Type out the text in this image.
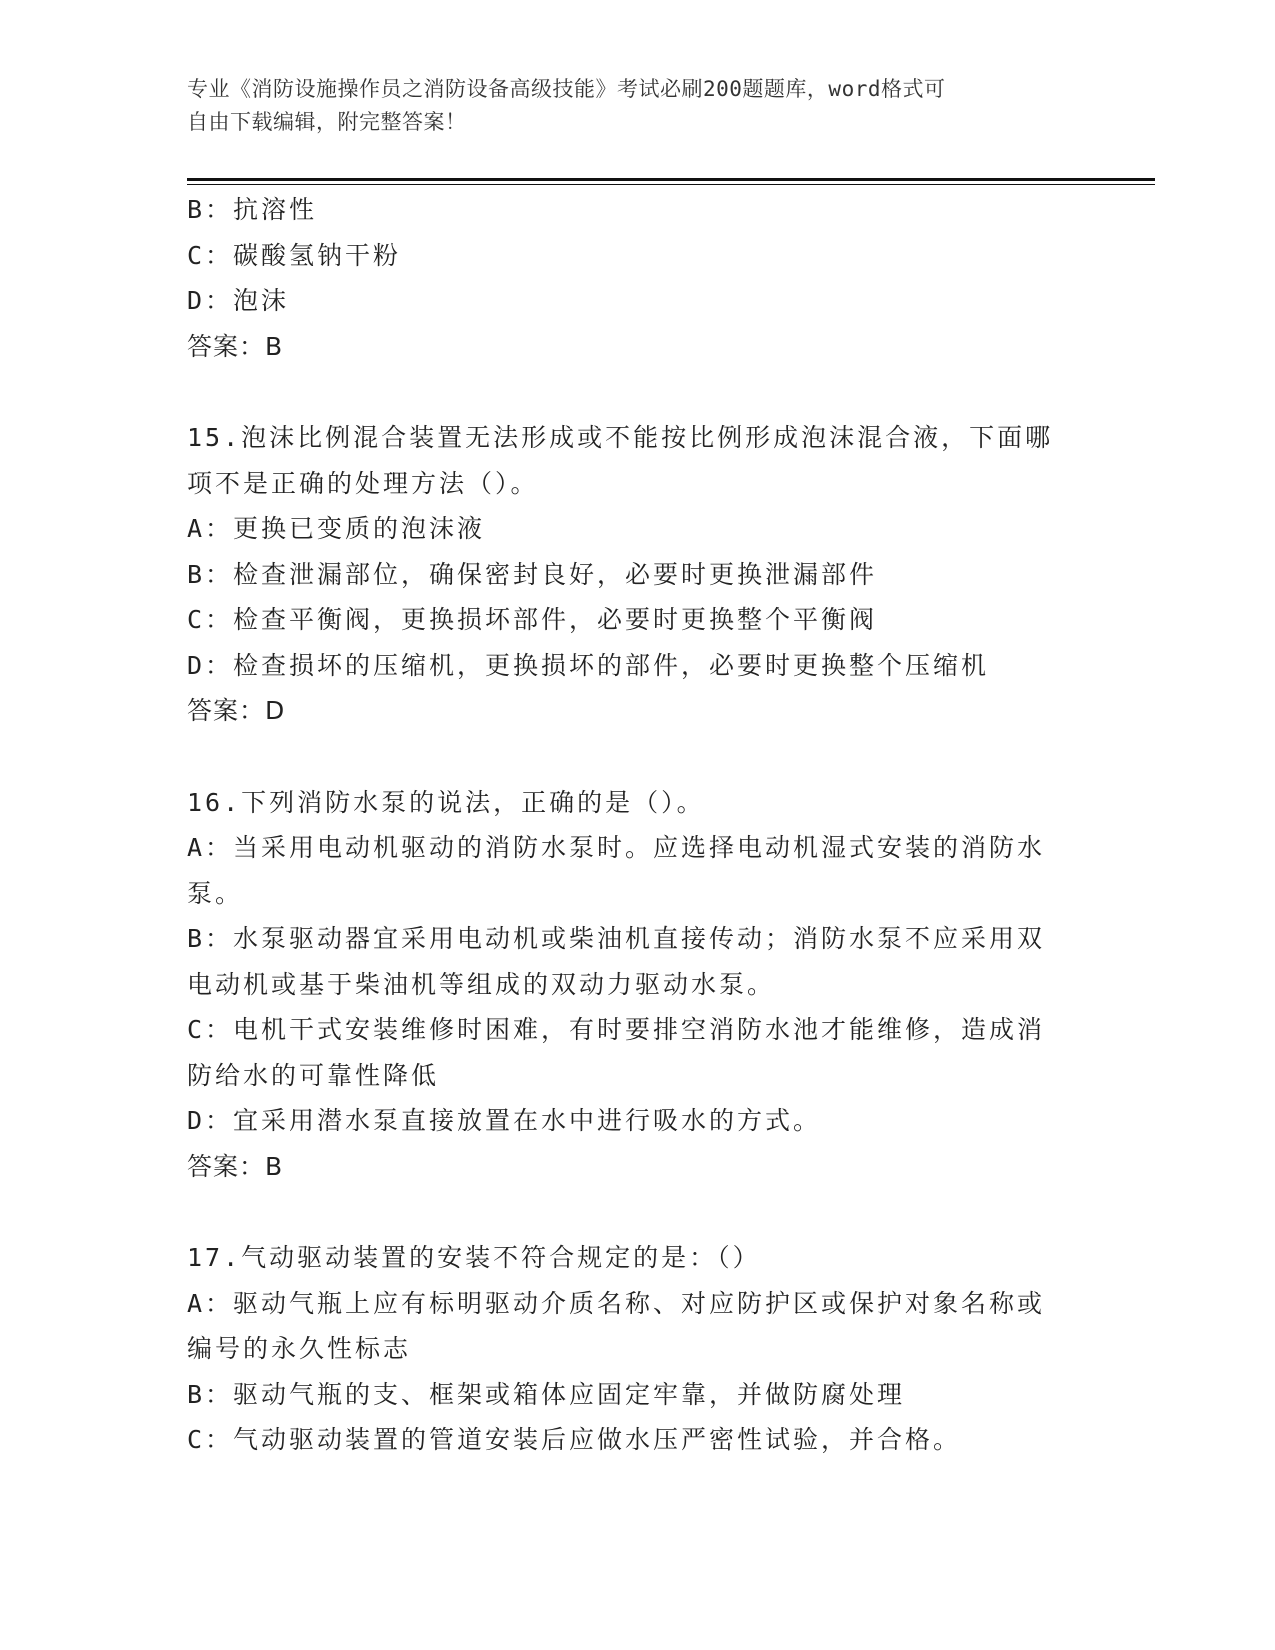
专业《消防设施操作员之消防设备高级技能》考试必刷200题题库，word格式可
自由下载编辑，附完整答案！
B：抗溶性
C：碳酸氢钠干粉
D：泡沫
答案：B
15.泡沫比例混合装置无法形成或不能按比例形成泡沫混合液，下面哪
项不是正确的处理方法（）。
A：更换已变质的泡沫液
B：检查泄漏部位，确保密封良好，必要时更换泄漏部件
C：检查平衡阀，更换损坏部件，必要时更换整个平衡阀
D：检查损坏的压缩机，更换损坏的部件，必要时更换整个压缩机
答案：D
16.下列消防水泵的说法，正确的是（）。
A：当采用电动机驱动的消防水泵时。应选择电动机湿式安装的消防水
泵。
B：水泵驱动器宜采用电动机或柴油机直接传动；消防水泵不应采用双
电动机或基于柴油机等组成的双动力驱动水泵。
C：电机干式安装维修时困难，有时要排空消防水池才能维修，造成消
防给水的可靠性降低
D：宜采用潜水泵直接放置在水中进行吸水的方式。
答案：B
17.气动驱动装置的安装不符合规定的是：（）
A：驱动气瓶上应有标明驱动介质名称、对应防护区或保护对象名称或
编号的永久性标志
B：驱动气瓶的支、框架或箱体应固定牢靠，并做防腐处理
C：气动驱动装置的管道安装后应做水压严密性试验，并合格。
